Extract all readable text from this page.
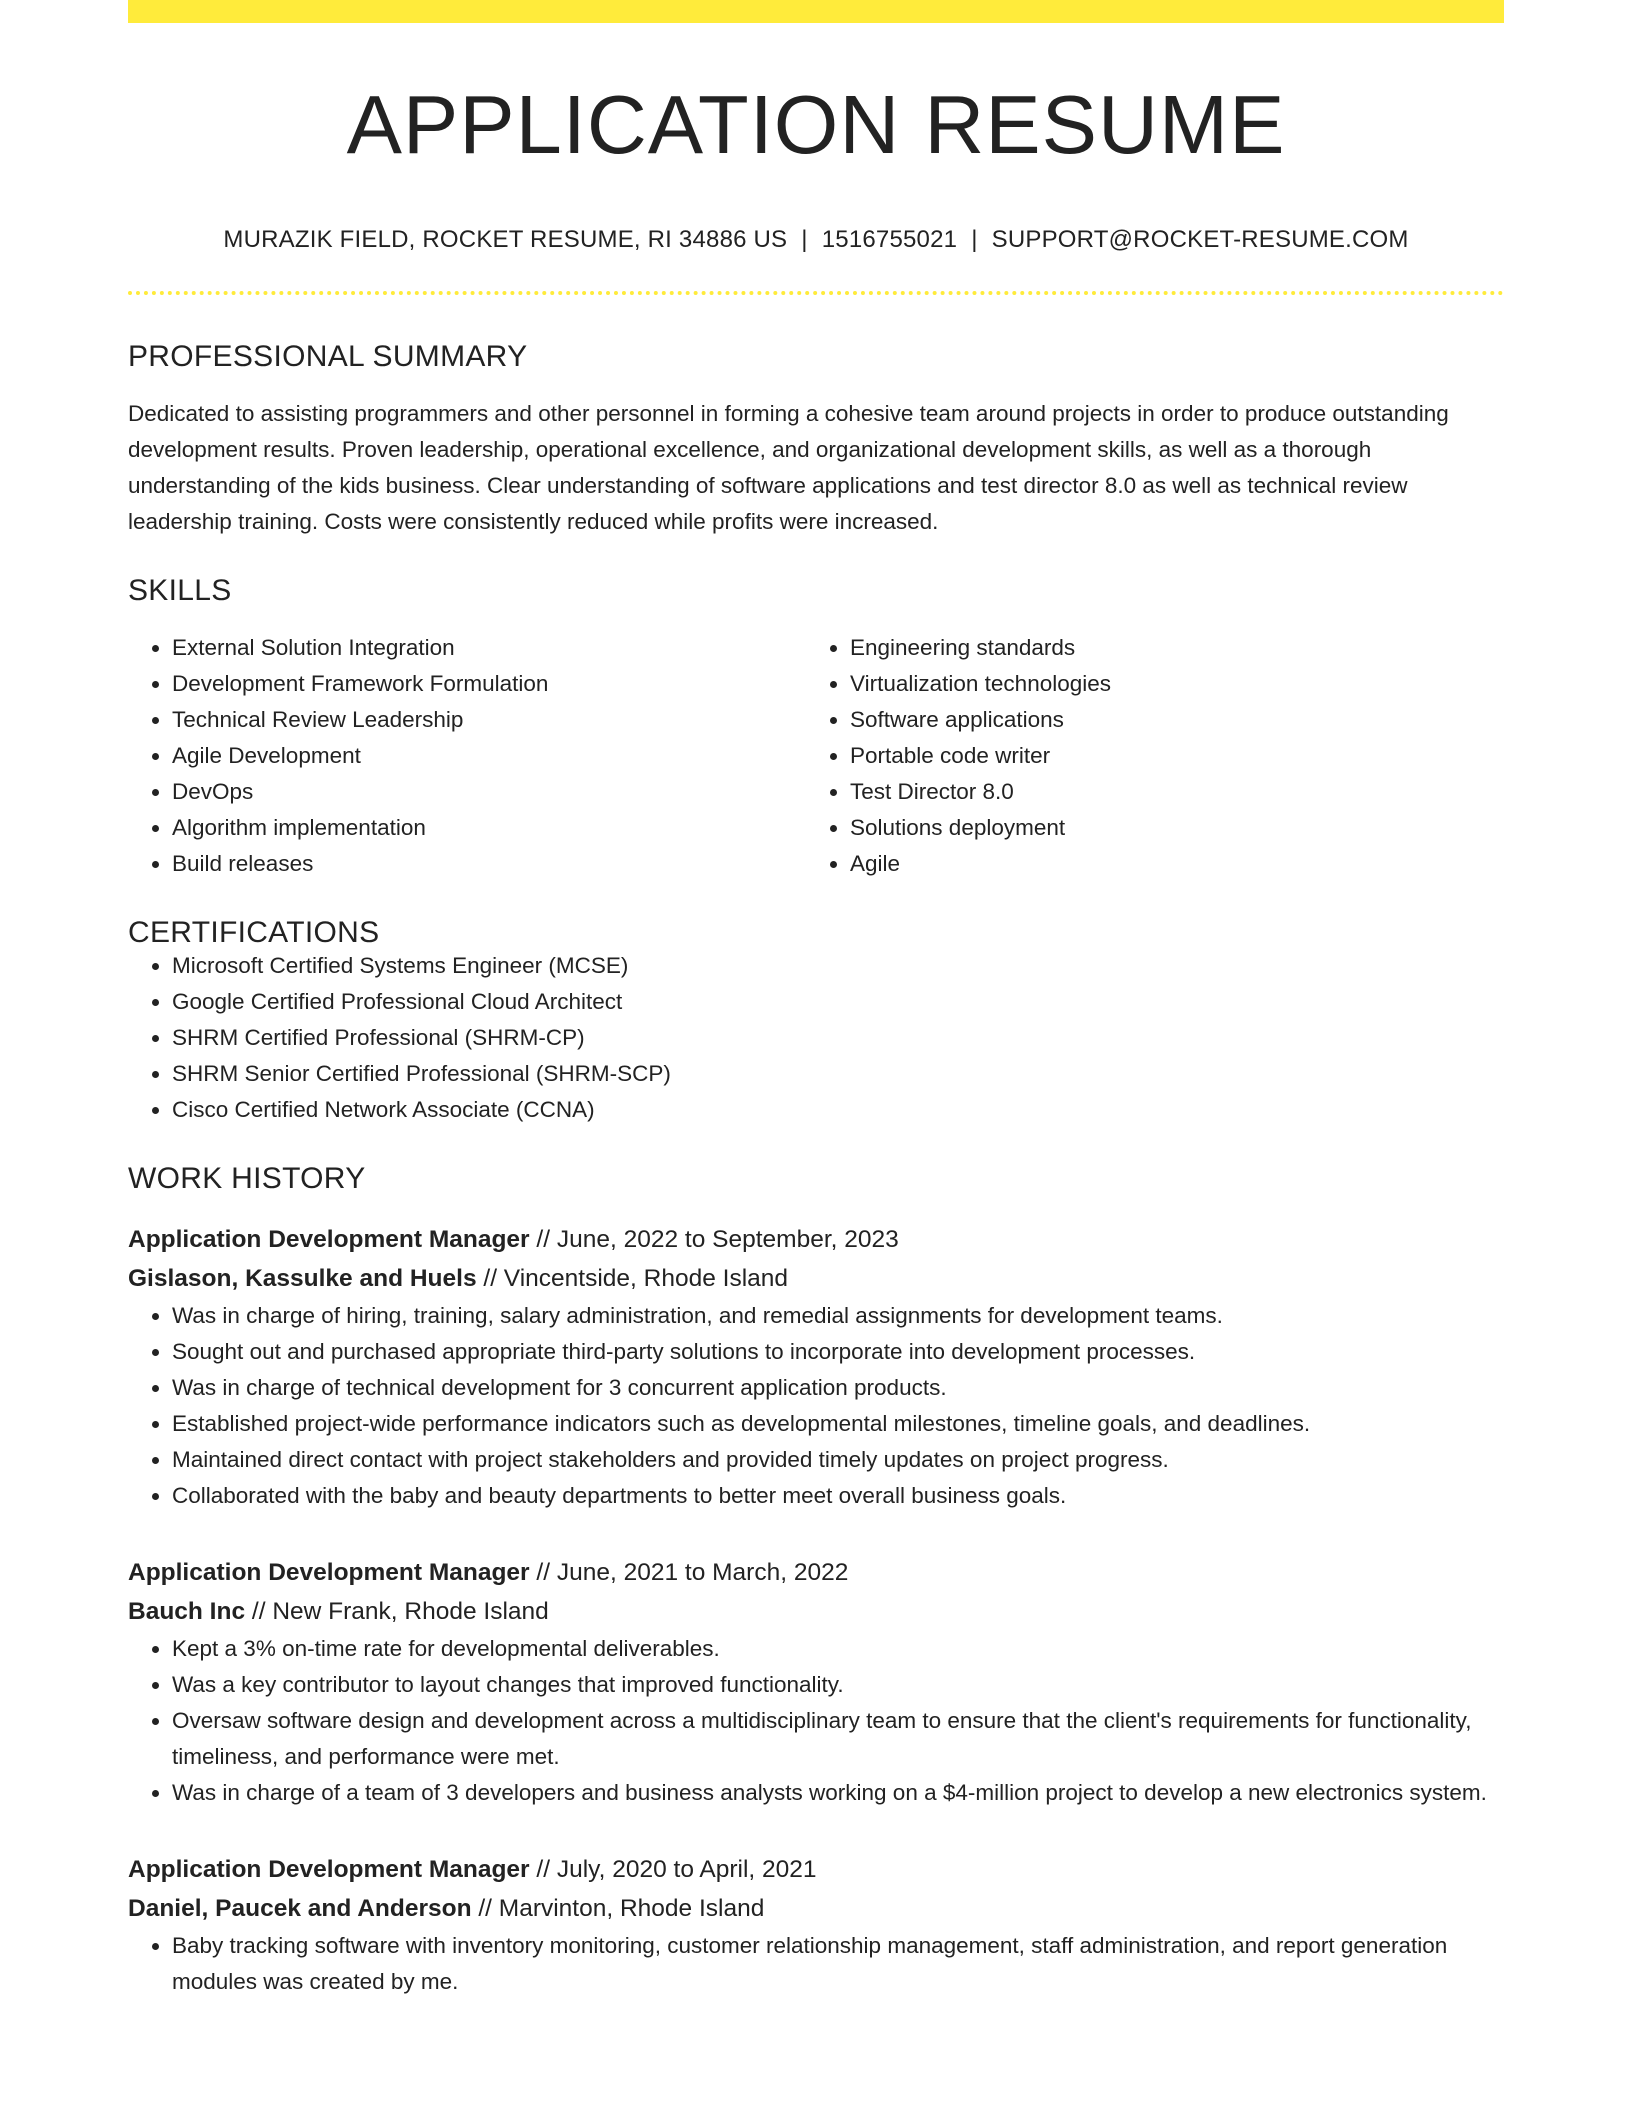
APPLICATION RESUME
MURAZIK FIELD, ROCKET RESUME, RI 34886 US | 1516755021 | SUPPORT@ROCKET-RESUME.COM
PROFESSIONAL SUMMARY

Dedicated to assisting programmers and other personnel in forming a cohesive team around projects in order to produce outstanding development results. Proven leadership, operational excellence, and organizational development skills, as well as a thorough understanding of the kids business. Clear understanding of software applications and test director 8.0 as well as technical review leadership training. Costs were consistently reduced while profits were increased.

SKILLS
• External Solution Integration
• Development Framework Formulation
• Technical Review Leadership
• Agile Development
• DevOps
• Algorithm implementation
• Build releases
• Engineering standards
• Virtualization technologies
• Software applications
• Portable code writer
• Test Director 8.0
• Solutions deployment
• Agile
CERTIFICATIONS
• Microsoft Certified Systems Engineer (MCSE)
• Google Certified Professional Cloud Architect
• SHRM Certified Professional (SHRM-CP)
• SHRM Senior Certified Professional (SHRM-SCP)
• Cisco Certified Network Associate (CCNA)
WORK HISTORY
Application Development Manager // June, 2022 to September, 2023
Gislason, Kassulke and Huels // Vincentside, Rhode Island
• Was in charge of hiring, training, salary administration, and remedial assignments for development teams.
• Sought out and purchased appropriate third-party solutions to incorporate into development processes.
• Was in charge of technical development for 3 concurrent application products.
• Established project-wide performance indicators such as developmental milestones, timeline goals, and deadlines.
• Maintained direct contact with project stakeholders and provided timely updates on project progress.
• Collaborated with the baby and beauty departments to better meet overall business goals.
Application Development Manager // June, 2021 to March, 2022
Bauch Inc // New Frank, Rhode Island
• Kept a 3% on-time rate for developmental deliverables.
• Was a key contributor to layout changes that improved functionality.
• Oversaw software design and development across a multidisciplinary team to ensure that the client's requirements for functionality, timeliness, and performance were met.
• Was in charge of a team of 3 developers and business analysts working on a $4-million project to develop a new electronics system.
Application Development Manager // July, 2020 to April, 2021
Daniel, Paucek and Anderson // Marvinton, Rhode Island
• Baby tracking software with inventory monitoring, customer relationship management, staff administration, and report generation modules was created by me.
